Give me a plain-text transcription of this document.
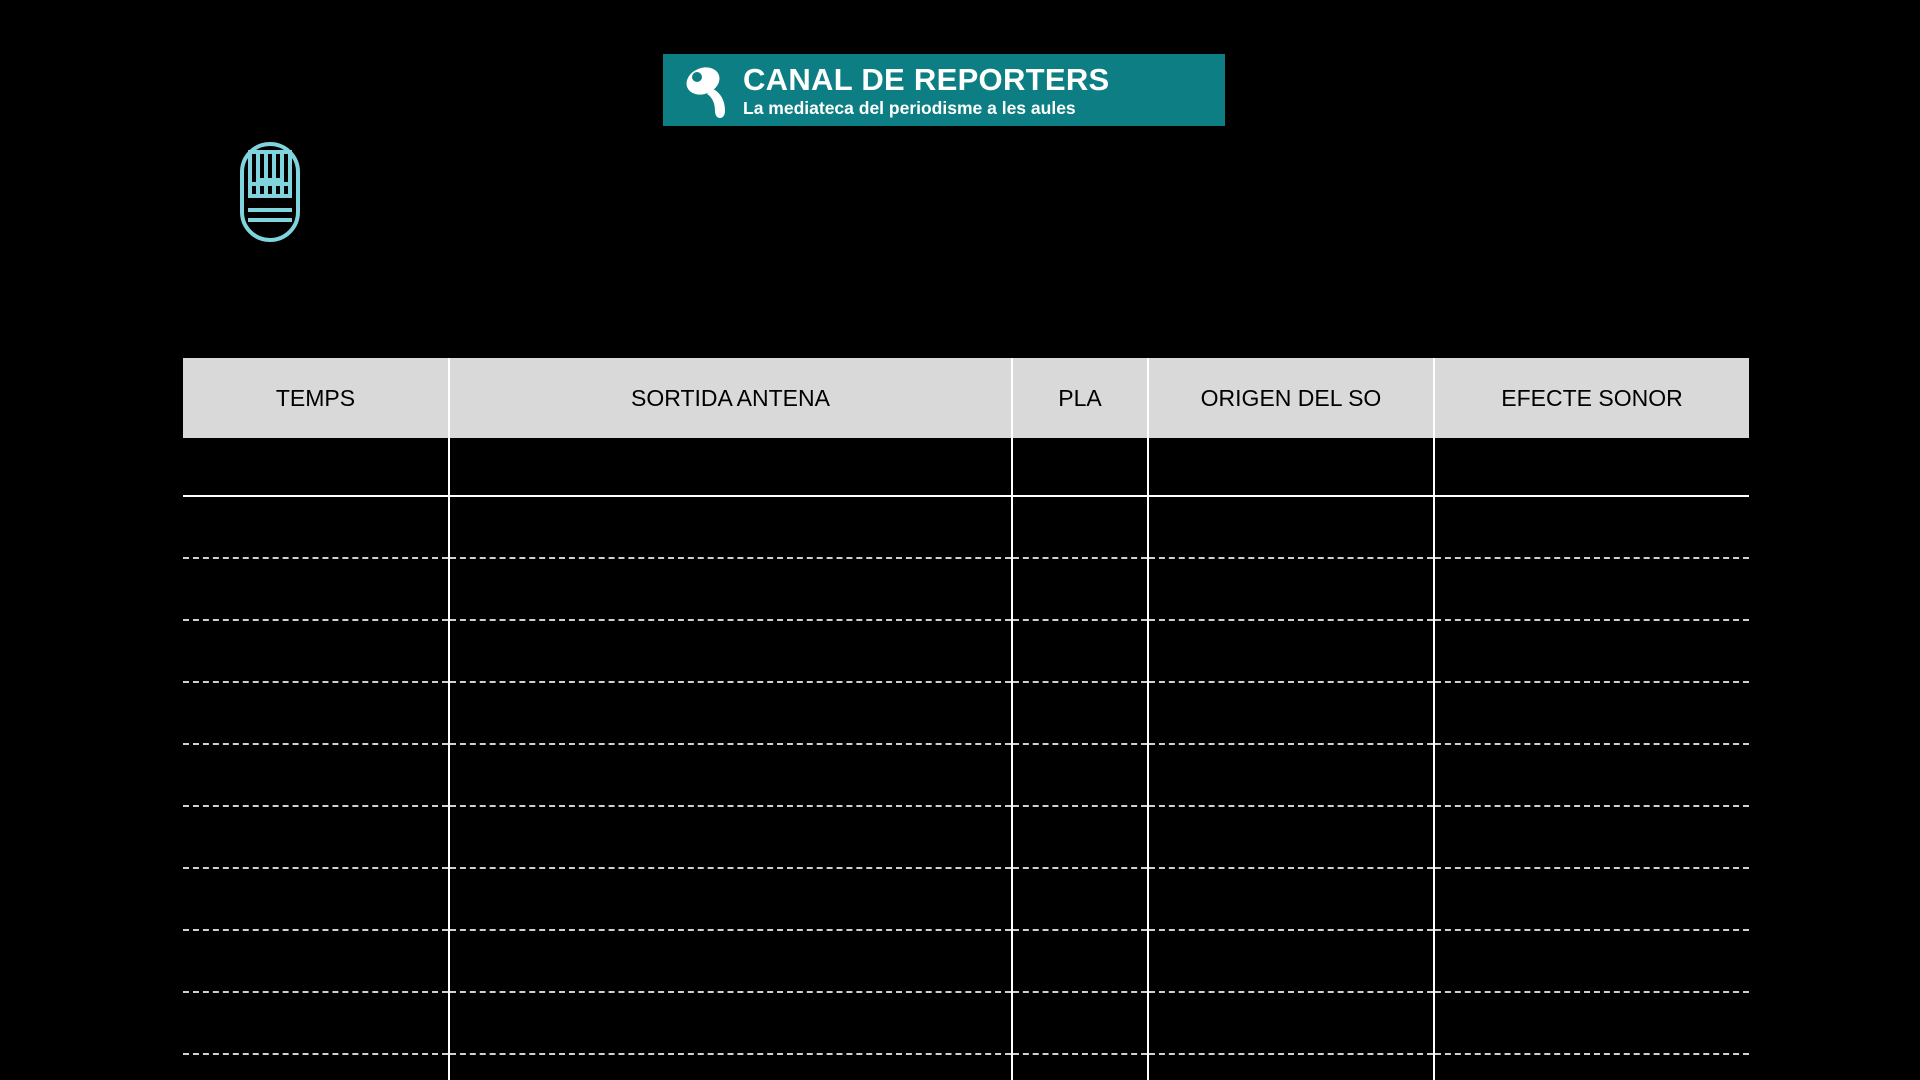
CANAL DE REPORTERS
La mediateca del periodisme a les aules
TEMPS	SORTIDA ANTENA	PLA	ORIGEN DEL SO	EFECTE SONOR
